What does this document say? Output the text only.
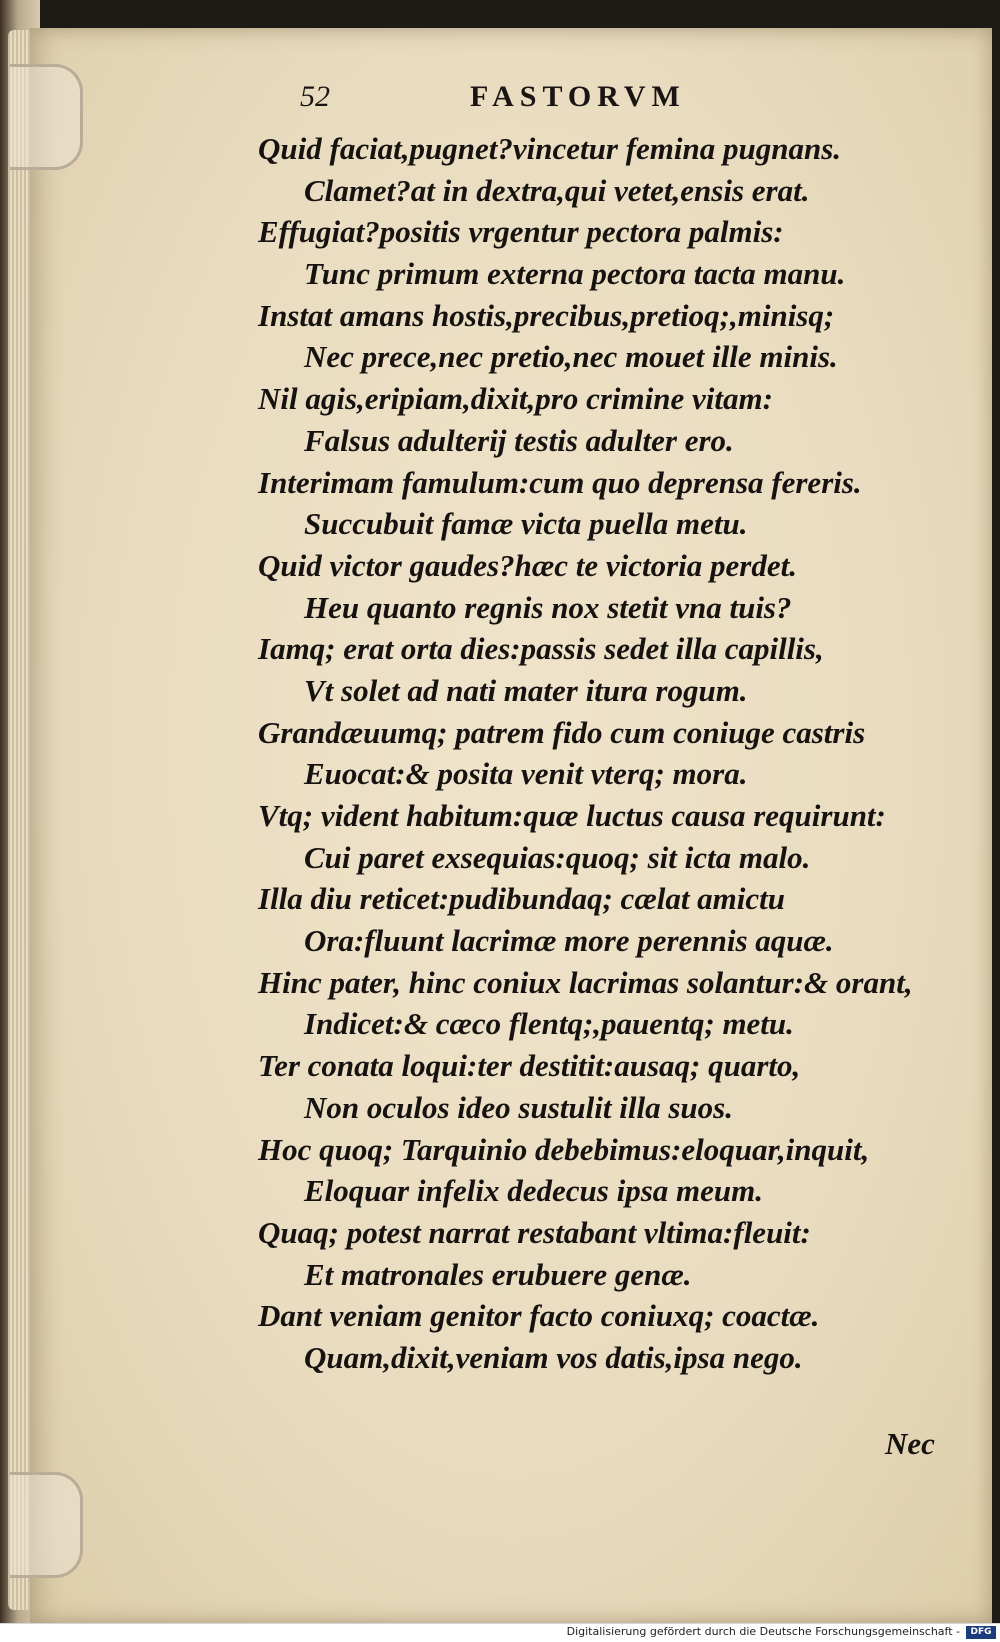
52	FASTORVM
Quid faciat,pugnet?vincetur femina pugnans.
Clamet?at in dextra,qui vetet,ensis erat.
Effugiat?positis vrgentur pectora palmis:
Tunc primum externa pectora tacta manu.
Instat amans hostis,precibus,pretioq;,minisq;
Nec prece,nec pretio,nec mouet ille minis.
Nil agis,eripiam,dixit,pro crimine vitam:
Falsus adulterij testis adulter ero.
Interimam famulum:cum quo deprensa fereris.
Succubuit famæ victa puella metu.
Quid victor gaudes?hæc te victoria perdet.
Heu quanto regnis nox stetit vna tuis?
Iamq; erat orta dies:passis sedet illa capillis,
Vt solet ad nati mater itura rogum.
Grandæuumq; patrem fido cum coniuge castris
Euocat:& posita venit vterq; mora.
Vtq; vident habitum:quæ luctus causa requirunt:
Cui paret exsequias:quoq; sit icta malo.
Illa diu reticet:pudibundaq; cælat amictu
Ora:fluunt lacrimæ more perennis aquæ.
Hinc pater, hinc coniux lacrimas solantur:& orant,
Indicet:& cæco flentq;,pauentq; metu.
Ter conata loqui:ter destitit:ausaq; quarto,
Non oculos ideo sustulit illa suos.
Hoc quoq; Tarquinio debebimus:eloquar,inquit,
Eloquar infelix dedecus ipsa meum.
Quaq; potest narrat restabant vltima:fleuit:
Et matronales erubuere genæ.
Dant veniam genitor facto coniuxq; coactæ.
Quam,dixit,veniam vos datis,ipsa nego.
Nec
Digitalisierung gefördert durch die Deutsche Forschungsgemeinschaft -	DFG
